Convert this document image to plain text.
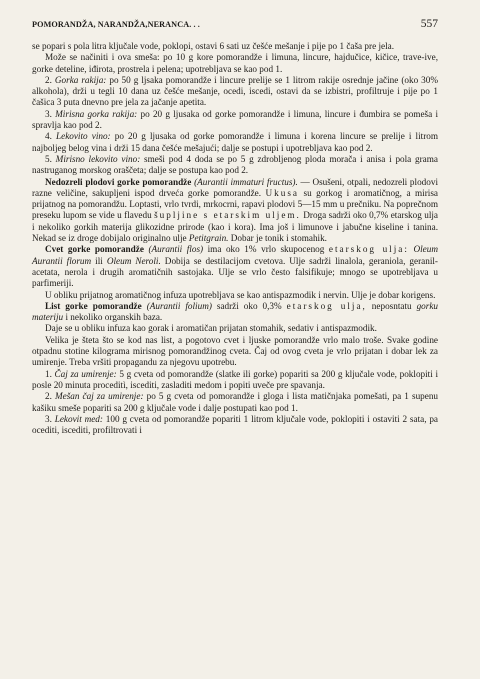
POMORANDŽA, NARANDŽA,NERANCA. . .	557

se popari s pola litra ključale vode, poklopi, ostavi 6 sati uz češće mešanje i pije po 1 čaša pre jela.

Može se načiniti i ova smeša: po 10 g kore pomorandže i limuna, lincure, hajdučice, kičice, trave-ive, gorke deteline, iđirota, prostrela i pelena; upotrebljava se kao pod 1.

2. Gorka rakija: po 50 g ljsaka pomorandže i lincure prelije se 1 litrom rakije osrednje jačine (oko 30% alkohola), drži u tegli 10 dana uz češće mešanje, ocedi, iscedi, ostavi da se izbistri, profiltruje i pije po 1 čašica 3 puta dnevno pre jela za jačanje apetita.

3. Mirisna gorka rakija: po 20 g ljusaka od gorke pomorandže i limuna, lincure i đumbira se pomeša i spravlja kao pod 2.

4. Lekovito vino: po 20 g ljusaka od gorke pomorandže i limuna i korena lincure se prelije i litrom najboljeg belog vina i drži 15 dana češće mešajući; dalje se postupi i upotrebljava kao pod 2.

5. Mirisno lekovito vino: smeši pod 4 doda se po 5 g zdrobljenog ploda morača i anisa i pola grama nastruganog morskog oraščeta; dalje se postupa kao pod 2.

Nedozreli plodovi gorke pomorandže (Aurantii immaturi fructus). — Osušeni, otpali, nedozreli plodovi razne veličine, sakupljeni ispod drveća gorke pomorandže. Ukusa su gorkog i aromatičnog, a mirisa prijatnog na pomorandžu. Loptasti, vrlo tvrdi, mrkocrni, rapavi plodovi 5—15 mm u prečniku. Na poprečnom preseku lupom se vide u flavedu šupljine s etarskim uljem. Droga sadrži oko 0,7% etarskog ulja i nekoliko gorkih materija glikozidne prirode (kao i kora). Ima još i limunove i jabučne kiseline i tanina. Nekad se iz droge dobijalo originalno ulje Petitgrain. Dobar je tonik i stomahik.

Cvet gorke pomorandže (Aurantii flos) ima oko 1% vrlo skupocenog etarskog ulja: Oleum Aurantii florum ili Oleum Neroli. Dobija se destilacijom cvetova. Ulje sadrži linalola, geraniola, geranil-acetata, nerola i drugih aromatičnih sastojaka. Ulje se vrlo često falsifikuje; mnogo se upotrebljava u parfimeriji.

U obliku prijatnog aromatičnog infuza upotrebljava se kao antispazmodik i nervin. Ulje je dobar korigens.

List gorke pomorandže (Aurantii folium) sadrži oko 0,3% etarskog ulja, neposntatu gorku materiju i nekoliko organskih baza.

Daje se u obliku infuza kao gorak i aromatičan prijatan stomahik, sedativ i antispazmodik.

Velika je šteta što se kod nas list, a pogotovo cvet i ljuske pomorandže vrlo malo troše. Svake godine otpadnu stotine kilograma mirisnog pomorandžinog cveta. Čaj od ovog cveta je vrlo prijatan i dobar lek za umirenje. Treba vršiti propagandu za njegovu upotrebu.

1. Čaj za umirenje: 5 g cveta od pomorandže (slatke ili gorke) popariti sa 200 g ključale vode, poklopiti i posle 20 minuta proceditì, iscediti, zasladiti medom i popiti uveče pre spavanja.

2. Mešan čaj za umirenje: po 5 g cveta od pomorandže i gloga i lista matičnjaka pomešati, pa 1 supenu kašiku smeše popariti sa 200 g ključale vode i dalje postupati kao pod 1.

3. Lekovit med: 100 g cveta od pomorandže popariti 1 litrom ključale vode, poklopiti i ostaviti 2 sata, pa ocediti, iscediti, profiltrovati i
